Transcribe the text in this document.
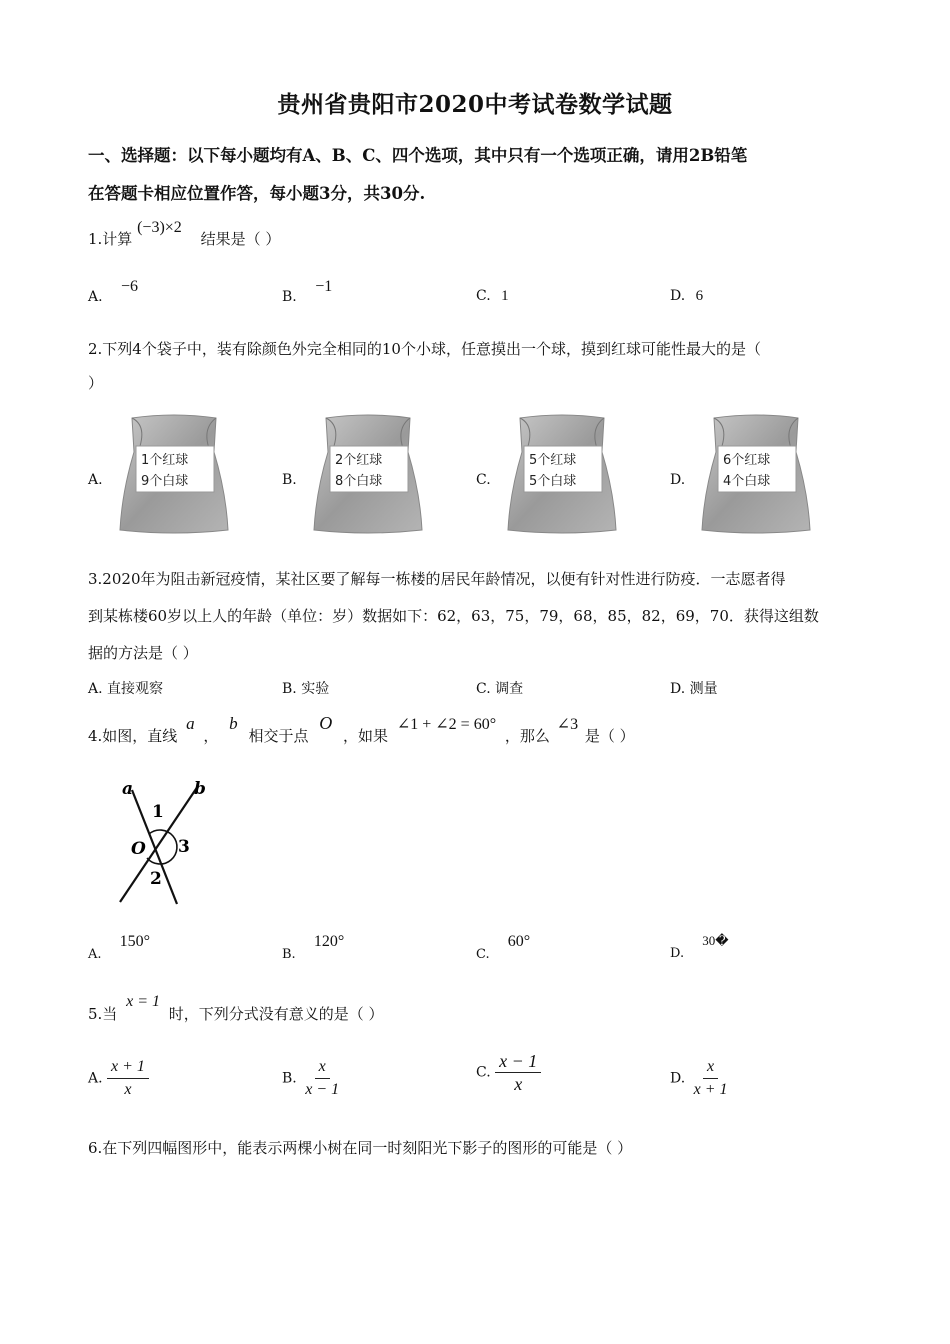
贵州省贵阳市2020中考试卷数学试题
一、选择题：以下每小题均有A、B、C、四个选项，其中只有一个选项正确，请用2B铅笔
在答题卡相应位置作答，每小题3分，共30分.
1.计算 (−3)×2 结果是（ ）
A. −6
B. −1
C. 1	D. 6
2.下列4个袋子中，装有除颜色外完全相同的10个小球，任意摸出一个球，摸到红球可能性最大的是（
）
A.	B.	C.	D.
1个红球
9个白球
2个红球
8个白球
5个红球
5个白球
6个红球
4个白球
3.2020年为阻击新冠疫情，某社区要了解每一栋楼的居民年龄情况，以便有针对性进行防疫．一志愿者得
到某栋楼60岁以上人的年龄（单位：岁）数据如下：62，63，75，79，68，85，82，69，70．获得这组数
据的方法是（ ）
A. 直接观察	B. 实验	C. 调查	D. 测量
4.如图，直线 a ， b 相交于点 O ，如果 ∠1 + ∠2 = 60° ，那么 ∠3 是（ ）
a	b
1
2
3
O
A. 150°
B. 120°
C. 60°
D. 30�
5.当 x = 1 时，下列分式没有意义的是（ ）
A. $\frac{x + 1}{x}$	B. $\frac{x}{x - 1}$	C. $\frac{x - 1}{x}$	D. $\frac{x}{x + 1}$
6.在下列四幅图形中，能表示两棵小树在同一时刻阳光下影子的图形的可能是（ ）
